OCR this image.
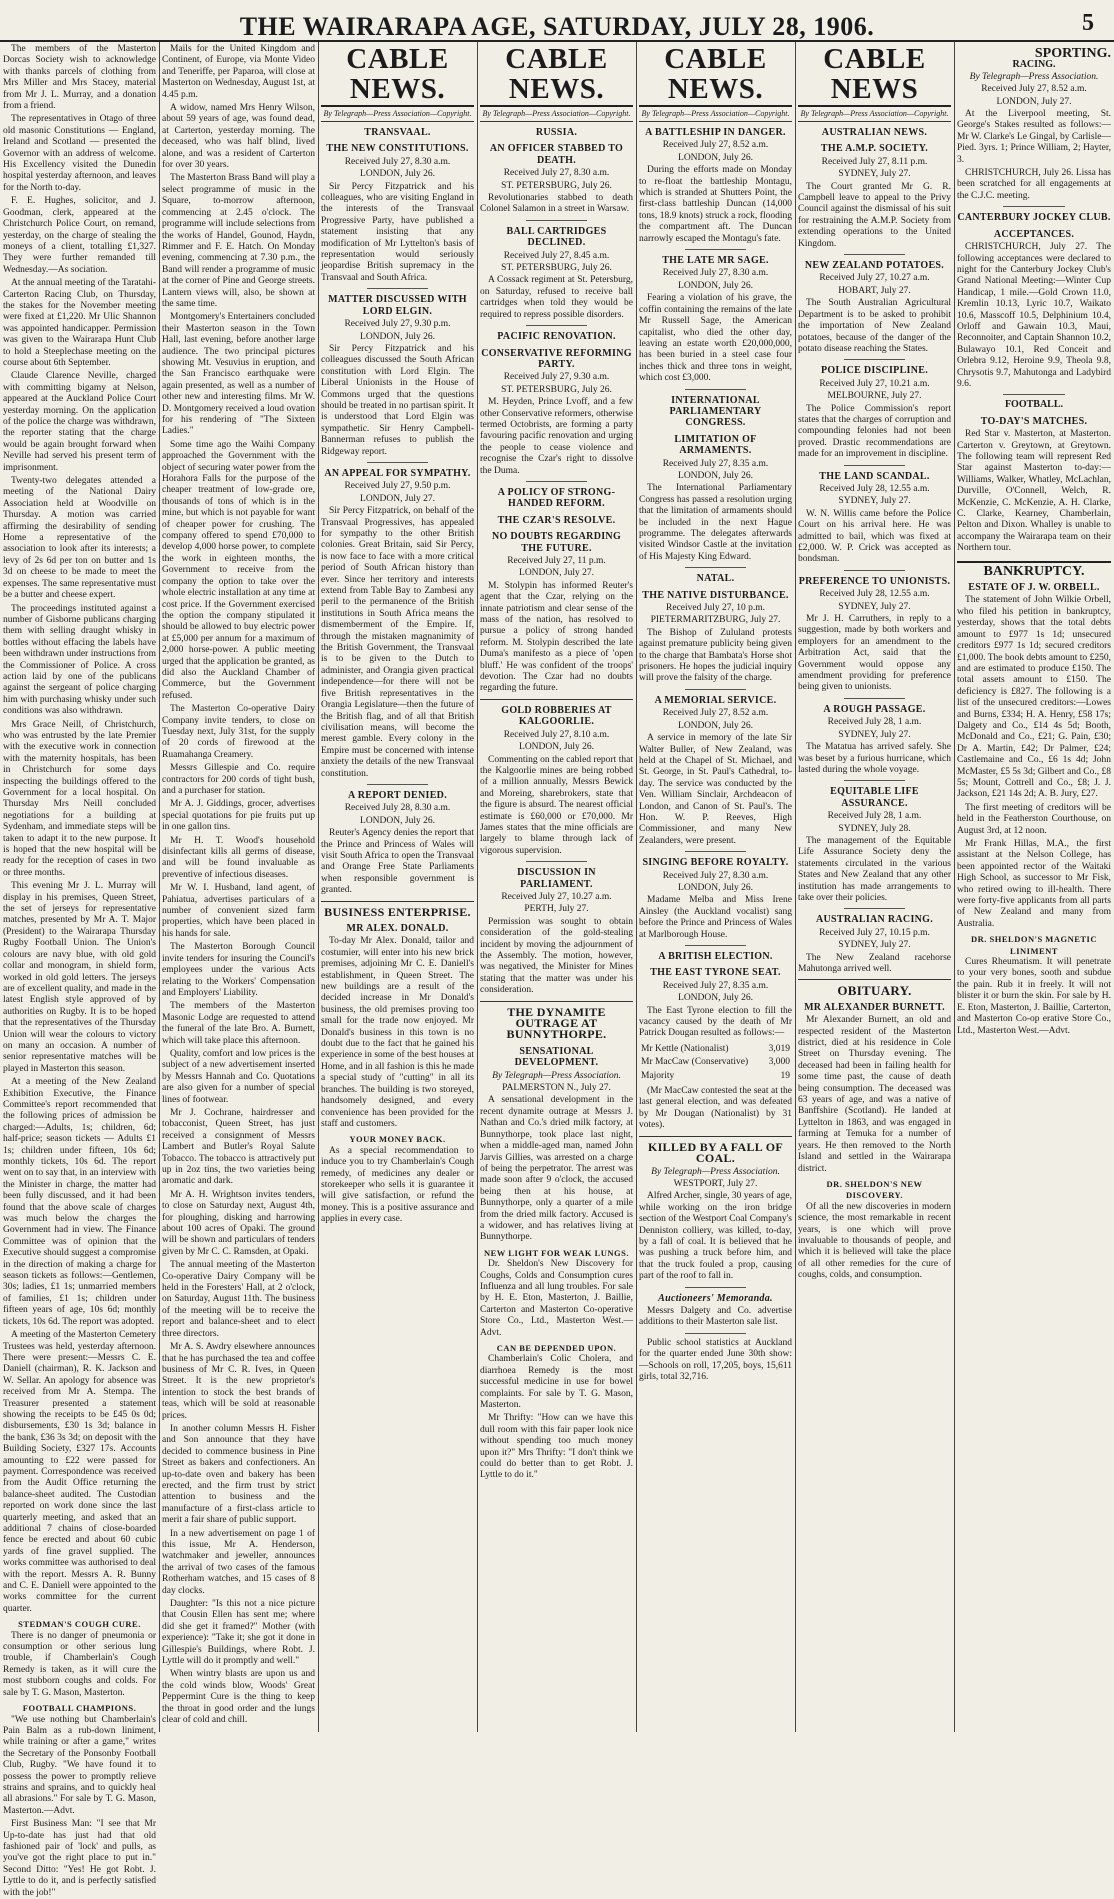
THE WAIRARAPA AGE, SATURDAY, JULY 28, 1906.	5

The members of the Masterton Dorcas Society wish to acknowledge with thanks parcels of clothing from Mrs Miller and Mrs Stacey, material from Mr J. L. Murray, and a donation from a friend.

The representatives in Otago of three old masonic Constitutions — England, Ireland and Scotland — presented the Governor with an address of welcome. His Excellency visited the Dunedin hospital yesterday afternoon, and leaves for the North to-day.

F. E. Hughes, solicitor, and J. Goodman, clerk, appeared at the Christchurch Police Court, on remand, yesterday, on the charge of stealing the moneys of a client, totalling £1,327. They were further remanded till Wednesday.—As sociation.

At the annual meeting of the Taratahi-Carterton Racing Club, on Thursday, the stakes for the November meeting were fixed at £1,220. Mr Ulic Shannon was appointed handicapper. Permission was given to the Wairarapa Hunt Club to hold a Steeplechase meeting on the course about 6th September.

Claude Clarence Neville, charged with committing bigamy at Nelson, appeared at the Auckland Police Court yesterday morning. On the application of the police the charge was withdrawn, the reporter stating that the charge would be again brought forward when Neville had served his present term of imprisonment.

Twenty-two delegates attended a meeting of the National Dairy Association held at Woodville on Thursday. A motion was carried affirming the desirability of sending Home a representative of the association to look after its interests; a levy of 2s 6d per ton on butter and 1s 3d on cheese to be made to meet the expenses. The same representative must be a butter and cheese expert.

The proceedings instituted against a number of Gisborne publicans charging them with selling draught whisky in bottles without effacing the labels have been withdrawn under instructions from the Commissioner of Police. A cross action laid by one of the publicans against the sergeant of police charging him with purchasing whisky under such conditions was also withdrawn.

Mrs Grace Neill, of Christchurch, who was entrusted by the late Premier with the executive work in connection with the maternity hospitals, has been in Christchurch for some days inspecting the buildings offered to the Government for a local hospital. On Thursday Mrs Neill concluded negotiations for a building at Sydenham, and immediate steps will be taken to adapt it to the new purpose. It is hoped that the new hospital will be ready for the reception of cases in two or three months.

This evening Mr J. L. Murray will display in his premises, Queen Street, the set of jerseys for representative matches, presented by Mr A. T. Major (President) to the Wairarapa Thursday Rugby Football Union. The Union's colours are navy blue, with old gold collar and monogram, in shield form, worked in old gold letters. The jerseys are of excellent quality, and made in the latest English style approved of by authorities on Rugby. It is to be hoped that the representatives of the Thursday Union will wear the colours to victory on many an occasion. A number of senior representative matches will be played in Masterton this season.

At a meeting of the New Zealand Exhibition Executive, the Finance Committee's report recommended that the following prices of admission be charged:—Adults, 1s; children, 6d; half-price; season tickets — Adults £1 1s; children under fifteen, 10s 6d; monthly tickets, 10s 6d. The report went on to say that, in an interview with the Minister in charge, the matter had been fully discussed, and it had been found that the above scale of charges was much below the charges the Government had in view. The Finance Committee was of opinion that the Executive should suggest a compromise in the direction of making a charge for season tickets as follows:—Gentlemen, 30s; ladies, £1 1s; unmarried members of families, £1 1s; children under fifteen years of age, 10s 6d; monthly tickets, 10s 6d. The report was adopted.

A meeting of the Masterton Cemetery Trustees was held, yesterday afternoon. There were present:—Messrs C. E. Daniell (chairman), R. K. Jackson and W. Sellar. An apology for absence was received from Mr A. Stempa. The Treasurer presented a statement showing the receipts to be £45 0s 0d; disbursements, £30 1s 3d; balance in the bank, £36 3s 3d; on deposit with the Building Society, £327 17s. Accounts amounting to £22 were passed for payment. Correspondence was received from the Audit Office returning the balance-sheet audited. The Custodian reported on work done since the last quarterly meeting, and asked that an additional 7 chains of close-boarded fence be erected and about 60 cubic yards of fine gravel supplied. The works committee was authorised to deal with the report. Messrs A. R. Bunny and C. E. Daniell were appointed to the works committee for the current quarter.

STEDMAN'S COUGH CURE.

There is no danger of pneumonia or consumption or other serious lung trouble, if Chamberlain's Cough Remedy is taken, as it will cure the most stubborn coughs and colds. For sale by T. G. Mason, Masterton.

FOOTBALL CHAMPIONS.

"We use nothing but Chamberlain's Pain Balm as a rub-down liniment, while training or after a game," writes the Secretary of the Ponsonby Football Club, Rugby. "We have found it to possess the power to promptly relieve strains and sprains, and to quickly heal all abrasions." For sale by T. G. Mason, Masterton.—Advt.

First Business Man: "I see that Mr Up-to-date has just had that old fashioned pair of 'lock' and pulls, as you've got the right place to put in." Second Ditto: "Yes! He got Robt. J. Lyttle to do it, and is perfectly satisfied with the job!"

Mails for the United Kingdom and Continent, of Europe, via Monte Video and Teneriffe, per Paparoa, will close at Masterton on Wednesday, August 1st, at 4.45 p.m.

A widow, named Mrs Henry Wilson, about 59 years of age, was found dead, at Carterton, yesterday morning. The deceased, who was half blind, lived alone, and was a resident of Carterton for over 30 years.

The Masterton Brass Band will play a select programme of music in the Square, to-morrow afternoon, commencing at 2.45 o'clock. The programme will include selections from the works of Handel, Gounod, Haydn, Rimmer and F. E. Hatch. On Monday evening, commencing at 7.30 p.m., the Band will render a programme of music at the corner of Pine and George streets. Lantern views will, also, be shown at the same time.

Montgomery's Entertainers concluded their Masterton season in the Town Hall, last evening, before another large audience. The two principal pictures showing Mt. Vesuvius in eruption, and the San Francisco earthquake were again presented, as well as a number of other new and interesting films. Mr W. D. Montgomery received a loud ovation for his rendering of "The Sixteen Ladies."

Some time ago the Waihi Company approached the Government with the object of securing water power from the Horahora Falls for the purpose of the cheaper treatment of low-grade ore, thousands of tons of which is in the mine, but which is not payable for want of cheaper power for crushing. The company offered to spend £70,000 to develop 4,000 horse power, to complete the work in eighteen months, the Government to receive from the company the option to take over the whole electric installation at any time at cost price. If the Government exercised the option the company stipulated it should be allowed to buy electric power at £5,000 per annum for a maximum of 2,000 horse-power. A public meeting urged that the application be granted, as did also the Auckland Chamber of Commerce, but the Government refused.

The Masterton Co-operative Dairy Company invite tenders, to close on Tuesday next, July 31st, for the supply of 20 cords of firewood at the Ruamahanga Creamery.

Messrs Gillespie and Co. require contractors for 200 cords of tight bush, and a purchaser for station.

Mr A. J. Giddings, grocer, advertises special quotations for pie fruits put up in one gallon tins.

Mr H. T. Wood's household disinfectant kills all germs of disease, and will be found invaluable as preventive of infectious diseases.

Mr W. I. Husband, land agent, of Pahiatua, advertises particulars of a number of convenient sized farm properties, which have been placed in his hands for sale.

The Masterton Borough Council invite tenders for insuring the Council's employees under the various Acts relating to the Workers' Compensation and Employers' Liability.

The members of the Masterton Masonic Lodge are requested to attend the funeral of the late Bro. A. Burnett, which will take place this afternoon.

Quality, comfort and low prices is the subject of a new advertisement inserted by Messrs Hannah and Co. Quotations are also given for a number of special lines of footwear.

Mr J. Cochrane, hairdresser and tobacconist, Queen Street, has just received a consignment of Messrs Lambert and Butler's Royal Salute Tobacco. The tobacco is attractively put up in 2oz tins, the two varieties being aromatic and dark.

Mr A. H. Wrightson invites tenders, to close on Saturday next, August 4th, for ploughing, disking and harrowing about 100 acres of Opaki. The ground will be shown and particulars of tenders given by Mr C. C. Ramsden, at Opaki.

The annual meeting of the Masterton Co-operative Dairy Company will be held in the Foresters' Hall, at 2 o'clock, on Saturday, August 11th. The business of the meeting will be to receive the report and balance-sheet and to elect three directors.

Mr A. S. Awdry elsewhere announces that he has purchased the tea and coffee business of Mr C. R. Ives, in Queen Street. It is the new proprietor's intention to stock the best brands of teas, which will be sold at reasonable prices.

In another column Messrs H. Fisher and Son announce that they have decided to commence business in Pine Street as bakers and confectioners. An up-to-date oven and bakery has been erected, and the firm trust by strict attention to business and the manufacture of a first-class article to merit a fair share of public support.

In a new advertisement on page 1 of this issue, Mr A. Henderson, watchmaker and jeweller, announces the arrival of two cases of the famous Rotherham watches, and 15 cases of 8 day clocks.

Daughter: "Is this not a nice picture that Cousin Ellen has sent me; where did she get it framed?" Mother (with experience): "Take it; she got it done in Gillespie's Buildings, where Robt. J. Lyttle will do it promptly and well."

When wintry blasts are upon us and the cold winds blow, Woods' Great Peppermint Cure is the thing to keep the throat in good order and the lungs clear of cold and chill.

CABLE NEWS.
By Telegraph—Press Association—Copyright.
TRANSVAAL.
THE NEW CONSTITUTIONS.
Received July 27, 8.30 a.m.
LONDON, July 26.

Sir Percy Fitzpatrick and his colleagues, who are visiting England in the interests of the Transvaal Progressive Party, have published a statement insisting that any modification of Mr Lyttelton's basis of representation would seriously jeopardise British supremacy in the Transvaal and South Africa.

MATTER DISCUSSED WITH LORD ELGIN.
Received July 27, 9.30 p.m.
LONDON, July 26.

Sir Percy Fitzpatrick and his colleagues discussed the South African constitution with Lord Elgin. The Liberal Unionists in the House of Commons urged that the questions should be treated in no partisan spirit. It is understood that Lord Elgin was sympathetic. Sir Henry Campbell-Bannerman refuses to publish the Ridgeway report.

AN APPEAL FOR SYMPATHY.
Received July 27, 9.50 p.m.
LONDON, July 27.

Sir Percy Fitzpatrick, on behalf of the Transvaal Progressives, has appealed for sympathy to the other British colonies. Great Britain, said Sir Percy, is now face to face with a more critical period of South African history than ever. Since her territory and interests extend from Table Bay to Zambesi any peril to the permanence of the British institutions in South Africa means the dismemberment of the Empire. If, through the mistaken magnanimity of the British Government, the Transvaal is to be given to the Dutch to administer, and Orangia given practical independence—for there will not be five British representatives in the Orangia Legislature—then the future of the British flag, and of all that British civilisation means, will become the merest gamble. Every colony in the Empire must be concerned with intense anxiety the details of the new Transvaal constitution.

A REPORT DENIED.
Received July 28, 8.30 a.m.
LONDON, July 26.

Reuter's Agency denies the report that the Prince and Princess of Wales will visit South Africa to open the Transvaal and Orange Free State Parliaments when responsible government is granted.

BUSINESS ENTERPRISE.
MR ALEX. DONALD.

To-day Mr Alex. Donald, tailor and costumier, will enter into his new brick premises, adjoining Mr C. E. Daniell's establishment, in Queen Street. The new buildings are a result of the decided increase in Mr Donald's business, the old premises proving too small for the trade now enjoyed. Mr Donald's business in this town is no doubt due to the fact that he gained his experience in some of the best houses at Home, and in all fashion is this he made a special study of "cutting" in all its branches. The building is two storeyed, handsomely designed, and every convenience has been provided for the staff and customers.

YOUR MONEY BACK.

As a special recommendation to induce you to try Chamberlain's Cough remedy, of medicines any dealer or storekeeper who sells it is guarantee it will give satisfaction, or refund the money. This is a positive assurance and applies in every case.

CABLE NEWS.
By Telegraph—Press Association—Copyright.
RUSSIA.
AN OFFICER STABBED TO DEATH.
Received July 27, 8.30 a.m.
ST. PETERSBURG, July 26.

Revolutionaries stabbed to death Colonel Salamon in a street in Warsaw.

BALL CARTRIDGES DECLINED.
Received July 27, 8.45 a.m.
ST. PETERSBURG, July 26.

A Cossack regiment at St. Petersburg, on Saturday, refused to receive ball cartridges when told they would be required to repress possible disorders.

PACIFIC RENOVATION.
CONSERVATIVE REFORMING PARTY.
Received July 27, 9.30 a.m.
ST. PETERSBURG, July 26.

M. Heyden, Prince Lvoff, and a few other Conservative reformers, otherwise termed Octobrists, are forming a party favouring pacific renovation and urging the people to cease violence and recognise the Czar's right to dissolve the Duma.

A POLICY OF STRONG-HANDED REFORM.
THE CZAR'S RESOLVE.
NO DOUBTS REGARDING THE FUTURE.
Received July 27, 11 p.m.
LONDON, July 27.

M. Stolypin has informed Reuter's agent that the Czar, relying on the innate patriotism and clear sense of the mass of the nation, has resolved to pursue a policy of strong handed reform. M. Stolypin described the late Duma's manifesto as a piece of 'open bluff.' He was confident of the troops' devotion. The Czar had no doubts regarding the future.

GOLD ROBBERIES AT KALGOORLIE.
Received July 27, 8.10 a.m.
LONDON, July 26.

Commenting on the cabled report that the Kalgoorlie mines are being robbed of a million annually, Messrs Bewick and Moreing, sharebrokers, state that the figure is absurd. The nearest official estimate is £60,000 or £70,000. Mr James states that the mine officials are largely to blame through lack of vigorous supervision.

DISCUSSION IN PARLIAMENT.
Received July 27, 10.27 a.m.
PERTH, July 27.

Permission was sought to obtain consideration of the gold-stealing incident by moving the adjournment of the Assembly. The motion, however, was negatived, the Minister for Mines stating that the matter was under his consideration.

THE DYNAMITE OUTRAGE AT BUNNYTHORPE.
SENSATIONAL DEVELOPMENT.
By Telegraph—Press Association.
PALMERSTON N., July 27.

A sensational development in the recent dynamite outrage at Messrs J. Nathan and Co.'s dried milk factory, at Bunnythorpe, took place last night, when a middle-aged man, named John Jarvis Gillies, was arrested on a charge of being the perpetrator. The arrest was made soon after 9 o'clock, the accused being then at his house, at Bunnythorpe, only a quarter of a mile from the dried milk factory. Accused is a widower, and has relatives living at Bunnythorpe.

NEW LIGHT FOR WEAK LUNGS.

Dr. Sheldon's New Discovery for Coughs, Colds and Consumption cures Influenza and all lung troubles. For sale by H. E. Eton, Masterton, J. Baillie, Carterton and Masterton Co-operative Store Co., Ltd., Masterton West.—Advt.

CAN BE DEPENDED UPON.

Chamberlain's Colic Cholera, and diarrhoea Remedy is the most successful medicine in use for bowel complaints. For sale by T. G. Mason, Masterton.

Mr Thrifty: "How can we have this dull room with this fair paper look nice without spending too much money upon it?" Mrs Thrifty: "I don't think we could do better than to get Robt. J. Lyttle to do it."

CABLE NEWS.
By Telegraph—Press Association—Copyright.
A BATTLESHIP IN DANGER.
Received July 27, 8.52 a.m.
LONDON, July 26.

During the efforts made on Monday to re-float the battleship Montagu, which is stranded at Shutters Point, the first-class battleship Duncan (14,000 tons, 18.9 knots) struck a rock, flooding the compartment aft. The Duncan narrowly escaped the Montagu's fate.

THE LATE MR SAGE.
Received July 27, 8.30 a.m.
LONDON, July 26.

Fearing a violation of his grave, the coffin containing the remains of the late Mr Russell Sage, the American capitalist, who died the other day, leaving an estate worth £20,000,000, has been buried in a steel case four inches thick and three tons in weight, which cost £3,000.

INTERNATIONAL PARLIAMENTARY CONGRESS.
LIMITATION OF ARMAMENTS.
Received July 27, 8.35 a.m.
LONDON, July 26.

The International Parliamentary Congress has passed a resolution urging that the limitation of armaments should be included in the next Hague programme. The delegates afterwards visited Windsor Castle at the invitation of His Majesty King Edward.

NATAL.
THE NATIVE DISTURBANCE.
Received July 27, 10 p.m.
PIETERMARITZBURG, July 27.

The Bishop of Zululand protests against premature publicity being given to the charge that Bambata's Horse shot prisoners. He hopes the judicial inquiry will prove the falsity of the charge.

A MEMORIAL SERVICE.
Received July 27, 8.52 a.m.
LONDON, July 26.

A service in memory of the late Sir Walter Buller, of New Zealand, was held at the Chapel of St. Michael, and St. George, in St. Paul's Cathedral, to-day. The service was conducted by the Ven. William Sinclair, Archdeacon of London, and Canon of St. Paul's. The Hon. W. P. Reeves, High Commissioner, and many New Zealanders, were present.

SINGING BEFORE ROYALTY.
Received July 27, 8.30 a.m.
LONDON, July 26.

Madame Melba and Miss Irene Ainsley (the Auckland vocalist) sang before the Prince and Princess of Wales at Marlborough House.

A BRITISH ELECTION.
THE EAST TYRONE SEAT.
Received July 27, 8.35 a.m.
LONDON, July 26.

The East Tyrone election to fill the vacancy caused by the death of Mr Patrick Dougan resulted as follows:—

Mr Kettle (Nationalist)	3,019
Mr MacCaw (Conservative)	3,000
Majority	19

(Mr MacCaw contested the seat at the last general election, and was defeated by Mr Dougan (Nationalist) by 31 votes).

KILLED BY A FALL OF COAL.
By Telegraph—Press Association.
WESTPORT, July 27.

Alfred Archer, single, 30 years of age, while working on the iron bridge section of the Westport Coal Company's Denniston colliery, was killed, to-day, by a fall of coal. It is believed that he was pushing a truck before him, and that the truck fouled a prop, causing part of the roof to fall in.

Auctioneers' Memoranda.

Messrs Dalgety and Co. advertise additions to their Masterton sale list.

Public school statistics at Auckland for the quarter ended June 30th show:—Schools on roll, 17,205, boys, 15,611 girls, total 32,716.

CABLE NEWS
By Telegraph—Press Association—Copyright.
AUSTRALIAN NEWS.
THE A.M.P. SOCIETY.
Received July 27, 8.11 p.m.
SYDNEY, July 27.

The Court granted Mr G. R. Campbell leave to appeal to the Privy Council against the dismissal of his suit for restraining the A.M.P. Society from extending operations to the United Kingdom.

NEW ZEALAND POTATOES.
Received July 27, 10.27 a.m.
HOBART, July 27.

The South Australian Agricultural Department is to be asked to prohibit the importation of New Zealand potatoes, because of the danger of the potato disease reaching the States.

POLICE DISCIPLINE.
Received July 27, 10.21 a.m.
MELBOURNE, July 27.

The Police Commission's report states that the charges of corruption and compounding felonies had not been proved. Drastic recommendations are made for an improvement in discipline.

THE LAND SCANDAL.
Received July 28, 12.55 a.m.
SYDNEY, July 27.

W. N. Willis came before the Police Court on his arrival here. He was admitted to bail, which was fixed at £2,000. W. P. Crick was accepted as bondsman.

PREFERENCE TO UNIONISTS.
Received July 28, 12.55 a.m.
SYDNEY, July 27.

Mr J. H. Carruthers, in reply to a suggestion, made by both workers and employers for an amendment to the Arbitration Act, said that the Government would oppose any amendment providing for preference being given to unionists.

A ROUGH PASSAGE.
Received July 28, 1 a.m.
SYDNEY, July 27.

The Matatua has arrived safely. She was beset by a furious hurricane, which lasted during the whole voyage.

EQUITABLE LIFE ASSURANCE.
Received July 28, 1 a.m.
SYDNEY, July 28.

The management of the Equitable Life Assurance Society deny the statements circulated in the various States and New Zealand that any other institution has made arrangements to take over their policies.

AUSTRALIAN RACING.
Received July 27, 10.15 p.m.
SYDNEY, July 27.

The New Zealand racehorse Mahutonga arrived well.

OBITUARY.
MR ALEXANDER BURNETT.

Mr Alexander Burnett, an old and respected resident of the Masterton district, died at his residence in Cole Street on Thursday evening. The deceased had been in failing health for some time past, the cause of death being consumption. The deceased was 63 years of age, and was a native of Banffshire (Scotland). He landed at Lyttelton in 1863, and was engaged in farming at Temuka for a number of years. He then removed to the North Island and settled in the Wairarapa district.

DR. SHELDON'S NEW DISCOVERY.

Of all the new discoveries in modern science, the most remarkable in recent years, is one which will prove invaluable to thousands of people, and which it is believed will take the place of all other remedies for the cure of coughs, colds, and consumption.

SPORTING.
RACING.
By Telegraph—Press Association.
Received July 27, 8.52 a.m.
LONDON, July 27.

At the Liverpool meeting, St. George's Stakes resulted as follows:—Mr W. Clarke's Le Gingal, by Carlisle—Pied. 3yrs. 1; Prince William, 2; Hayter, 3.

CHRISTCHURCH, July 26. Lissa has been scratched for all engagements at the C.J.C. meeting.

CANTERBURY JOCKEY CLUB.
ACCEPTANCES.

CHRISTCHURCH, July 27. The following acceptances were declared to night for the Canterbury Jockey Club's Grand National Meeting:—Winter Cup Handicap, 1 mile.—Gold Crown 11.0, Kremlin 10.13, Lyric 10.7, Waikato 10.6, Masscoff 10.5, Delphinium 10.4, Orloff and Gawain 10.3, Maui, Reconnoiter, and Captain Shannon 10.2, Bulawayo 10.1, Red Conceit and Orlebra 9.12, Heroine 9.9, Theola 9.8, Chrysotis 9.7, Mahutonga and Ladybird 9.6.

FOOTBALL.
TO-DAY'S MATCHES.

Red Star v. Masterton, at Masterton. Carterton v. Greytown, at Greytown. The following team will represent Red Star against Masterton to-day:—Williams, Walker, Whatley, McLachlan, Durville, O'Connell, Welch, R. McKenzie, C. McKenzie, A. H. Clarke, C. Clarke, Kearney, Chamberlain, Pelton and Dixon. Whalley is unable to accompany the Wairarapa team on their Northern tour.

BANKRUPTCY.
ESTATE OF J. W. ORBELL.

The statement of John Wilkie Orbell, who filed his petition in bankruptcy, yesterday, shows that the total debts amount to £977 1s 1d; unsecured creditors £977 1s 1d; secured creditors £1,000. The book debts amount to £250, and are estimated to produce £150. The total assets amount to £150. The deficiency is £827. The following is a list of the unsecured creditors:—Lowes and Burns, £334; H. A. Henry, £58 17s; Dalgety and Co., £14 4s 5d; Booth, McDonald and Co., £21; G. Pain, £30; Dr A. Martin, £42; Dr Palmer, £24; Castlemaine and Co., £6 1s 4d; John McMaster, £5 5s 3d; Gilbert and Co., £8 5s; Mount, Cottrell and Co., £8; J. J. Jackson, £21 14s 2d; A. B. Jury, £27.

The first meeting of creditors will be held in the Featherston Courthouse, on August 3rd, at 12 noon.

Mr Frank Hillas, M.A., the first assistant at the Nelson College, has been appointed rector of the Waitaki High School, as successor to Mr Fisk, who retired owing to ill-health. There were forty-five applicants from all parts of New Zealand and many from Australia.

DR. SHELDON'S MAGNETIC LINIMENT

Cures Rheumatism. It will penetrate to your very bones, sooth and subdue the pain. Rub it in freely. It will not blister it or burn the skin. For sale by H. E. Eton, Masterton, J. Baillie, Carterton, and Masterton Co-op erative Store Co., Ltd., Masterton West.—Advt.
